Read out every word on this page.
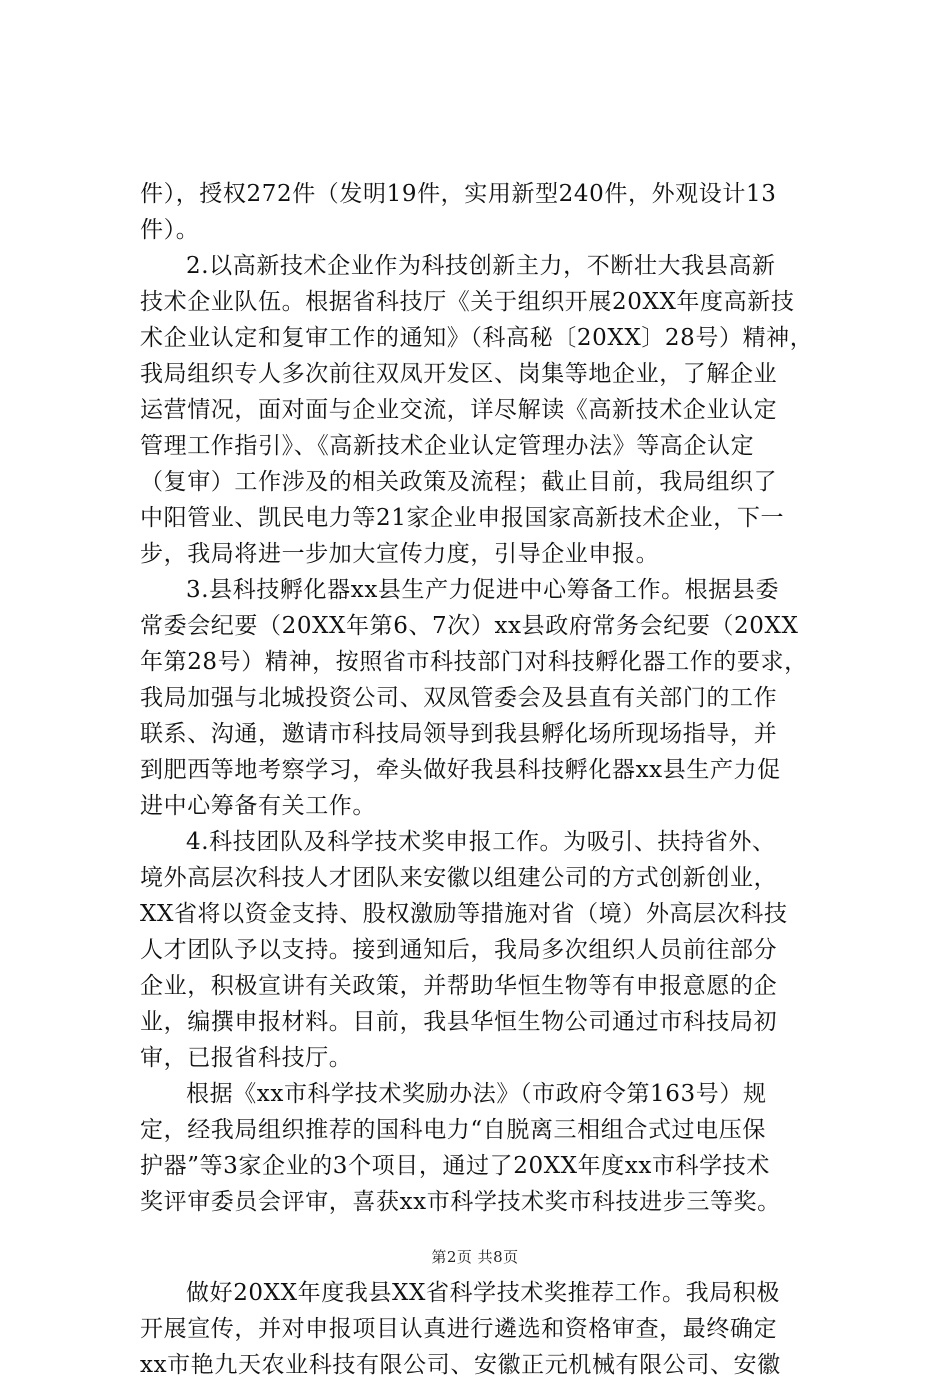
件），授权272件（发明19件，实用新型240件，外观设计13
件）。
2.以高新技术企业作为科技创新主力，不断壮大我县高新
技术企业队伍。根据省科技厅《关于组织开展20XX年度高新技
术企业认定和复审工作的通知》（科高秘〔20XX〕28号）精神，
我局组织专人多次前往双凤开发区、岗集等地企业，了解企业
运营情况，面对面与企业交流，详尽解读《高新技术企业认定
管理工作指引》、《高新技术企业认定管理办法》等高企认定
（复审）工作涉及的相关政策及流程；截止目前，我局组织了
中阳管业、凯民电力等21家企业申报国家高新技术企业，下一
步，我局将进一步加大宣传力度，引导企业申报。
3.县科技孵化器xx县生产力促进中心筹备工作。根据县委
常委会纪要（20XX年第6、7次）xx县政府常务会纪要（20XX
年第28号）精神，按照省市科技部门对科技孵化器工作的要求，
我局加强与北城投资公司、双凤管委会及县直有关部门的工作
联系、沟通，邀请市科技局领导到我县孵化场所现场指导，并
到肥西等地考察学习，牵头做好我县科技孵化器xx县生产力促
进中心筹备有关工作。
4.科技团队及科学技术奖申报工作。为吸引、扶持省外、
境外高层次科技人才团队来安徽以组建公司的方式创新创业，
XX省将以资金支持、股权激励等措施对省（境）外高层次科技
人才团队予以支持。接到通知后，我局多次组织人员前往部分
企业，积极宣讲有关政策，并帮助华恒生物等有申报意愿的企
业，编撰申报材料。目前，我县华恒生物公司通过市科技局初
审，已报省科技厅。
根据《xx市科学技术奖励办法》（市政府令第163号）规
定，经我局组织推荐的国科电力“自脱离三相组合式过电压保
护器”等3家企业的3个项目，通过了20XX年度xx市科学技术
奖评审委员会评审，喜获xx市科学技术奖市科技进步三等奖。
做好20XX年度我县XX省科学技术奖推荐工作。我局积极
开展宣传，并对申报项目认真进行遴选和资格审查，最终确定
xx市艳九天农业科技有限公司、安徽正元机械有限公司、安徽
第2页 共8页
